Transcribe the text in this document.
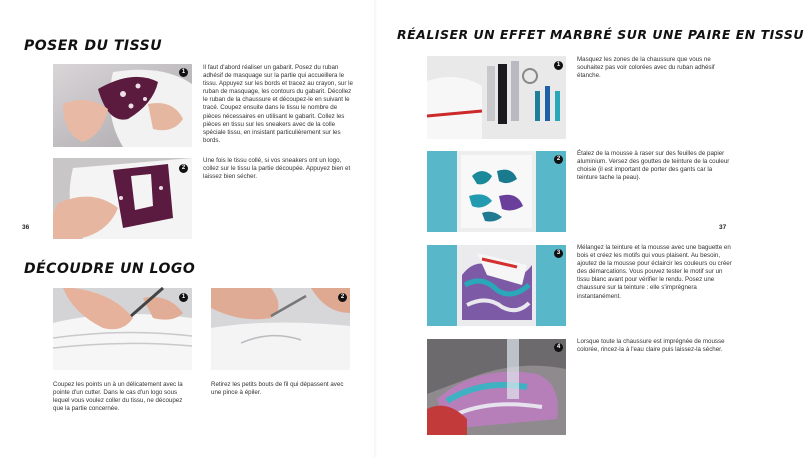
POSER DU TISSU
1
2
Il faut d'abord réaliser un gabarit. Posez du ruban adhésif de masquage sur la partie qui accueillera le tissu. Appuyez sur les bords et tracez au crayon, sur le ruban de masquage, les contours du gabarit. Décollez le ruban de la chaussure et découpez-le en suivant le tracé. Coupez ensuite dans le tissu le nombre de pièces nécessaires en utilisant le gabarit. Collez les pièces en tissu sur les sneakers avec de la colle spéciale tissu, en insistant particulièrement sur les bords.
Une fois le tissu collé, si vos sneakers ont un logo, collez sur le tissu la partie découpée. Appuyez bien et laissez bien sécher.
36
DÉCOUDRE UN LOGO
1	2
Coupez les points un à un délicatement avec la pointe d'un cutter. Dans le cas d'un logo sous lequel vous voulez coller du tissu, ne découpez que la partie concernée.
Retirez les petits bouts de fil qui dépassent avec une pince à épiler.
RÉALISER UN EFFET MARBRÉ SUR UNE PAIRE EN TISSU
1
Masquez les zones de la chaussure que vous ne souhaitez pas voir colorées avec du ruban adhésif étanche.
2
Étalez de la mousse à raser sur des feuilles de papier aluminium. Versez des gouttes de teinture de la couleur choisie (il est important de porter des gants car la teinture tache la peau).
3
Mélangez la teinture et la mousse avec une baguette en bois et créez les motifs qui vous plaisent. Au besoin, ajoutez de la mousse pour éclaircir les couleurs ou créer des démarcations. Vous pouvez tester le motif sur un tissu blanc avant pour vérifier le rendu. Posez une chaussure sur la teinture : elle s'imprégnera instantanément.
4
Lorsque toute la chaussure est imprégnée de mousse colorée, rincez-la à l'eau claire puis laissez-la sécher.
37
